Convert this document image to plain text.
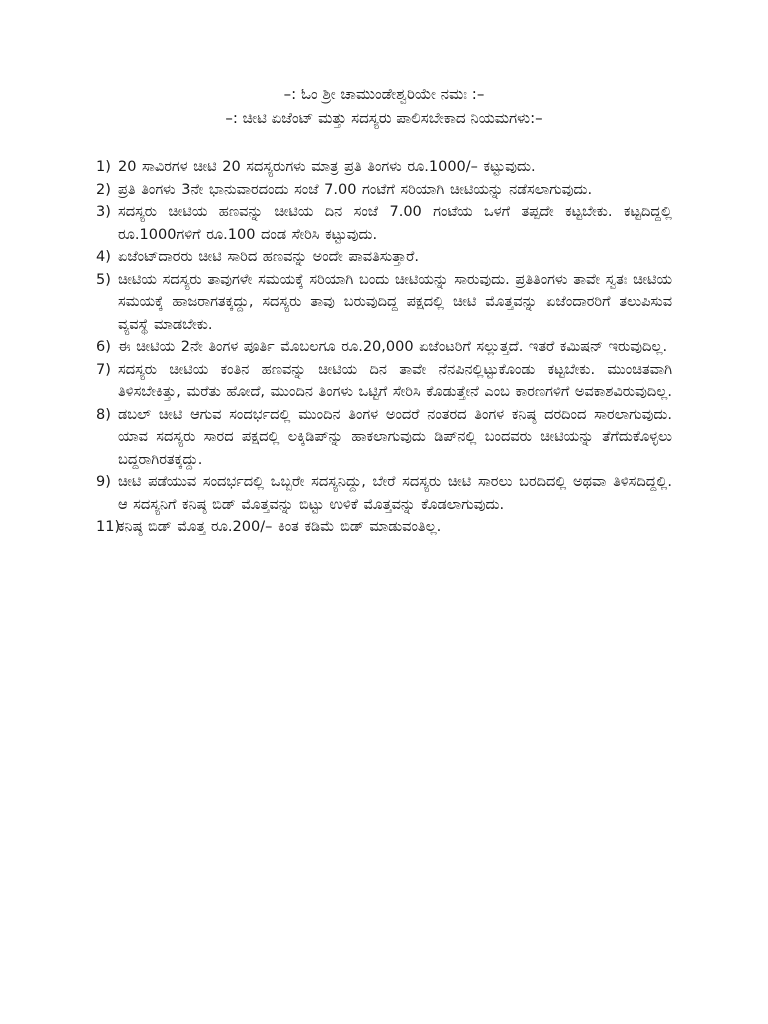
–: ಓಂ ಶ್ರೀ ಚಾಮುಂಡೇಶ್ವರಿಯೇ ನಮಃ :–
–: ಚೀಟಿ ಏಜೆಂಟ್ ಮತ್ತು ಸದಸ್ಯರು ಪಾಲಿಸಬೇಕಾದ ನಿಯಮಗಳು:–
1) 20 ಸಾವಿರಗಳ ಚೀಟಿ 20 ಸದಸ್ಯರುಗಳು ಮಾತ್ರ ಪ್ರತಿ ತಿಂಗಳು ರೂ.1000/– ಕಟ್ಟುವುದು.
2) ಪ್ರತಿ ತಿಂಗಳು 3ನೇ ಭಾನುವಾರದಂದು ಸಂಜೆ 7.00 ಗಂಟೆಗೆ ಸರಿಯಾಗಿ ಚೀಟಿಯನ್ನು ನಡೆಸಲಾಗುವುದು.
3) ಸದಸ್ಯರು ಚೀಟಿಯ ಹಣವನ್ನು ಚೀಟಿಯ ದಿನ ಸಂಜೆ 7.00 ಗಂಟೆಯ ಒಳಗೆ ತಪ್ಪದೇ ಕಟ್ಟಬೇಕು. ಕಟ್ಟದಿದ್ದಲ್ಲಿ ರೂ.1000ಗಳಿಗೆ ರೂ.100 ದಂಡ ಸೇರಿಸಿ ಕಟ್ಟುವುದು.
4) ಏಜೆಂಟ್‌ದಾರರು ಚೀಟಿ ಸಾರಿದ ಹಣವನ್ನು ಅಂದೇ ಪಾವತಿಸುತ್ತಾರೆ.
5) ಚೀಟಿಯ ಸದಸ್ಯರು ತಾವುಗಳೇ ಸಮಯಕ್ಕೆ ಸರಿಯಾಗಿ ಬಂದು ಚೀಟಿಯನ್ನು ಸಾರುವುದು. ಪ್ರತಿತಿಂಗಳು ತಾವೇ ಸ್ವತಃ ಚೀಟಿಯ ಸಮಯಕ್ಕೆ ಹಾಜರಾಗತಕ್ಕದ್ದು, ಸದಸ್ಯರು ತಾವು ಬರುವುದಿದ್ದ ಪಕ್ಷದಲ್ಲಿ ಚೀಟಿ ಮೊತ್ತವನ್ನು ಏಜೆಂದಾರರಿಗೆ ತಲುಪಿಸುವ ವ್ಯವಸ್ಥೆ ಮಾಡಬೇಕು.
6) ಈ ಚೀಟಿಯ 2ನೇ ತಿಂಗಳ ಪೂರ್ತಿ ಮೊಬಲಗೂ ರೂ.20,000 ಏಜೆಂಟರಿಗೆ ಸಲ್ಲುತ್ತದೆ. ಇತರೆ ಕಮಿಷನ್ ಇರುವುದಿಲ್ಲ.
7) ಸದಸ್ಯರು ಚೀಟಿಯ ಕಂತಿನ ಹಣವನ್ನು ಚೀಟಿಯ ದಿನ ತಾವೇ ನೆನಪಿನಲ್ಲಿಟ್ಟುಕೊಂಡು ಕಟ್ಟಬೇಕು. ಮುಂಚಿತವಾಗಿ ತಿಳಿಸಬೇಕಿತ್ತು, ಮರೆತು ಹೋದೆ, ಮುಂದಿನ ತಿಂಗಳು ಒಟ್ಟಿಗೆ ಸೇರಿಸಿ ಕೊಡುತ್ತೇನೆ ಎಂಬ ಕಾರಣಗಳಿಗೆ ಅವಕಾಶವಿರುವುದಿಲ್ಲ.
8) ಡಬಲ್ ಚೀಟಿ ಆಗುವ ಸಂದರ್ಭದಲ್ಲಿ ಮುಂದಿನ ತಿಂಗಳ ಅಂದರೆ ನಂತರದ ತಿಂಗಳ ಕನಿಷ್ಠ ದರದಿಂದ ಸಾರಲಾಗುವುದು. ಯಾವ ಸದಸ್ಯರು ಸಾರದ ಪಕ್ಷದಲ್ಲಿ ಲಕ್ಕಿಡಿಪ್‌ನ್ನು ಹಾಕಲಾಗುವುದು ಡಿಪ್‌ನಲ್ಲಿ ಬಂದವರು ಚೀಟಿಯನ್ನು ತೆಗೆದುಕೊಳ್ಳಲು ಬದ್ದರಾಗಿರತಕ್ಕದ್ದು.
9) ಚೀಟಿ ಪಡೆಯುವ ಸಂದರ್ಭದಲ್ಲಿ ಒಬ್ಬರೇ ಸದಸ್ಯನಿದ್ದು, ಬೇರೆ ಸದಸ್ಯರು ಚೀಟಿ ಸಾರಲು ಬರದಿದಲ್ಲಿ ಅಥವಾ ತಿಳಿಸದಿದ್ದಲ್ಲಿ. ಆ ಸದಸ್ಯನಿಗೆ ಕನಿಷ್ಠ ಬಿಡ್ ಮೊತ್ತವನ್ನು ಬಿಟ್ಟು ಉಳಿಕೆ ಮೊತ್ತವನ್ನು ಕೊಡಲಾಗುವುದು.
11)
ಕನಿಷ್ಠ ಬಿಡ್ ಮೊತ್ತ ರೂ.200/– ಕಿಂತ ಕಡಿಮೆ ಬಿಡ್ ಮಾಡುವಂತಿಲ್ಲ.
